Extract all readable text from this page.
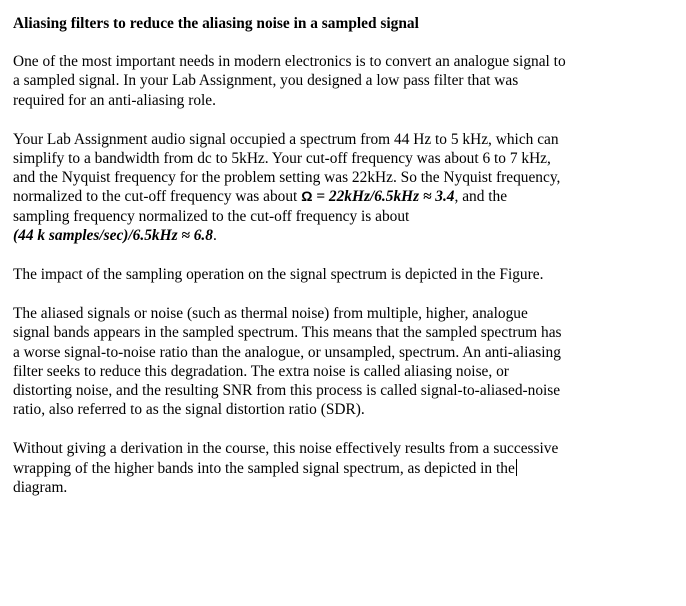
Aliasing filters to reduce the aliasing noise in a sampled signal
One of the most important needs in modern electronics is to convert an analogue signal to
a sampled signal. In your Lab Assignment, you designed a low pass filter that was
required for an anti-aliasing role.
Your Lab Assignment audio signal occupied a spectrum from 44 Hz to 5 kHz, which can
simplify to a bandwidth from dc to 5kHz. Your cut-off frequency was about 6 to 7 kHz,
and the Nyquist frequency for the problem setting was 22kHz. So the Nyquist frequency,
normalized to the cut-off frequency was about Ω = 22kHz/6.5kHz ≈ 3.4, and the
sampling frequency normalized to the cut-off frequency is about
(44 k samples/sec)/6.5kHz ≈ 6.8.
The impact of the sampling operation on the signal spectrum is depicted in the Figure.
The aliased signals or noise (such as thermal noise) from multiple, higher, analogue
signal bands appears in the sampled spectrum. This means that the sampled spectrum has
a worse signal-to-noise ratio than the analogue, or unsampled, spectrum. An anti-aliasing
filter seeks to reduce this degradation. The extra noise is called aliasing noise, or
distorting noise, and the resulting SNR from this process is called signal-to-aliased-noise
ratio, also referred to as the signal distortion ratio (SDR).
Without giving a derivation in the course, this noise effectively results from a successive
wrapping of the higher bands into the sampled signal spectrum, as depicted in the
diagram.
